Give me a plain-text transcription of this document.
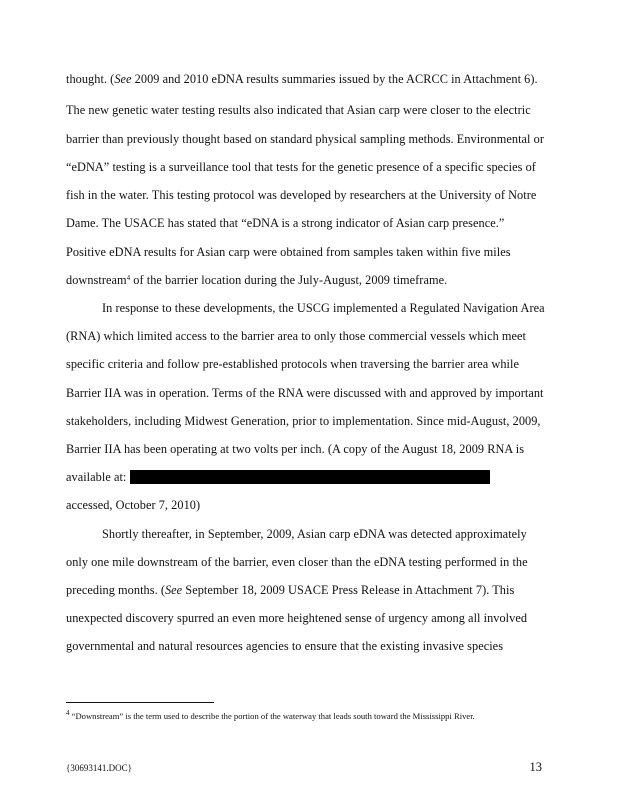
thought. (See 2009 and 2010 eDNA results summaries issued by the ACRCC in Attachment 6).
The new genetic water testing results also indicated that Asian carp were closer to the electric
barrier than previously thought based on standard physical sampling methods. Environmental or
“eDNA” testing is a surveillance tool that tests for the genetic presence of a specific species of
fish in the water. This testing protocol was developed by researchers at the University of Notre
Dame. The USACE has stated that “eDNA is a strong indicator of Asian carp presence.”
Positive eDNA results for Asian carp were obtained from samples taken within five miles
downstream$^4$ of the barrier location during the July-August, 2009 timeframe.
In response to these developments, the USCG implemented a Regulated Navigation Area
(RNA) which limited access to the barrier area to only those commercial vessels which meet
specific criteria and follow pre-established protocols when traversing the barrier area while
Barrier IIA was in operation. Terms of the RNA were discussed with and approved by important
stakeholders, including Midwest Generation, prior to implementation. Since mid-August, 2009,
Barrier IIA has been operating at two volts per inch. (A copy of the August 18, 2009 RNA is
available at:
accessed, October 7, 2010)
Shortly thereafter, in September, 2009, Asian carp eDNA was detected approximately
only one mile downstream of the barrier, even closer than the eDNA testing performed in the
preceding months. (See September 18, 2009 USACE Press Release in Attachment 7). This
unexpected discovery spurred an even more heightened sense of urgency among all involved
governmental and natural resources agencies to ensure that the existing invasive species
$^4$ “Downstream” is the term used to describe the portion of the waterway that leads south toward the Mississippi River.
{30693141.DOC}	13
